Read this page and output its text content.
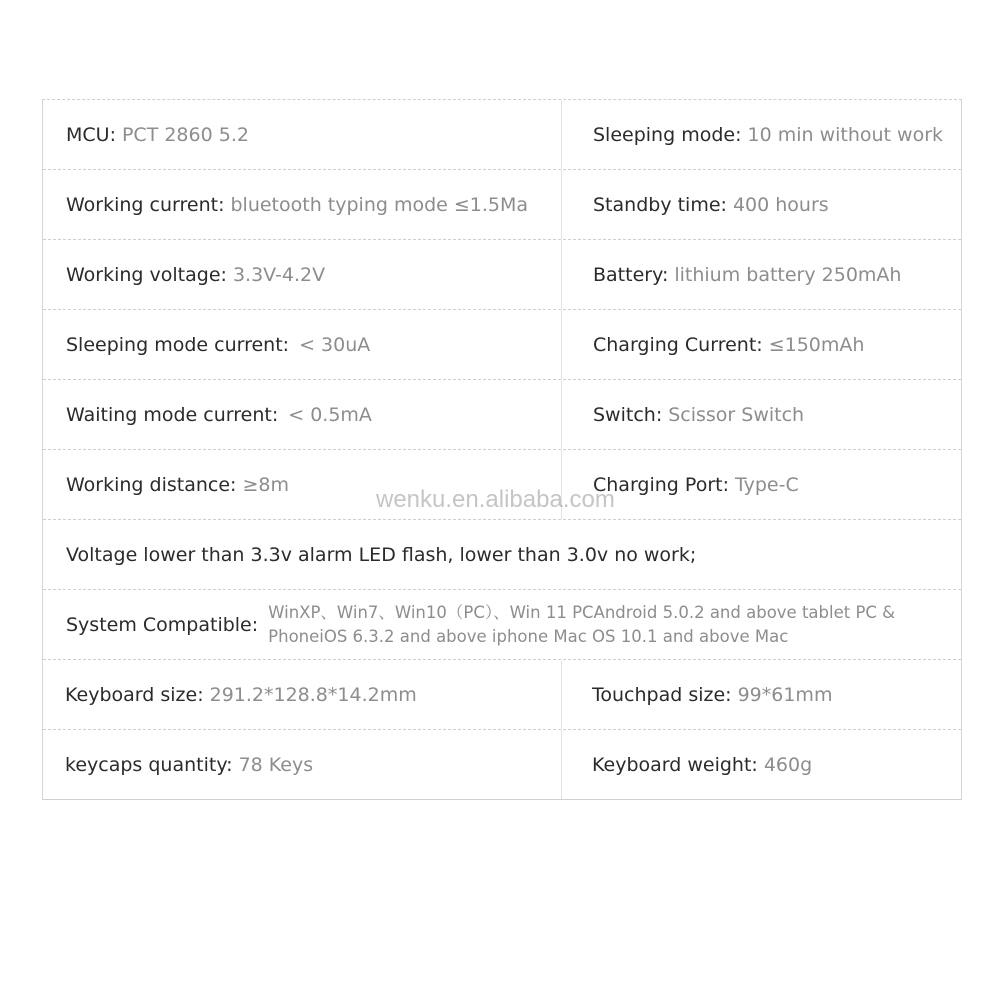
MCU: PCT 2860 5.2	Sleeping mode: 10 min without work
Working current: bluetooth typing mode ≤1.5Ma	Standby time: 400 hours
Working voltage: 3.3V-4.2V	Battery: lithium battery 250mAh
Sleeping mode current: < 30uA	Charging Current: ≤150mAh
Waiting mode current: < 0.5mA	Switch: Scissor Switch
Working distance: ≥8m	Charging Port: Type-C
Voltage lower than 3.3v alarm LED flash, lower than 3.0v no work;
System Compatible:
WinXP、Win7、Win10（PC）、Win 11 PCAndroid 5.0.2 and above tablet PC &
PhoneiOS 6.3.2 and above iphone Mac OS 10.1 and above Mac
Keyboard size: 291.2*128.8*14.2mm	Touchpad size: 99*61mm
keycaps quantity: 78 Keys	Keyboard weight: 460g
wenku.en.alibaba.com
